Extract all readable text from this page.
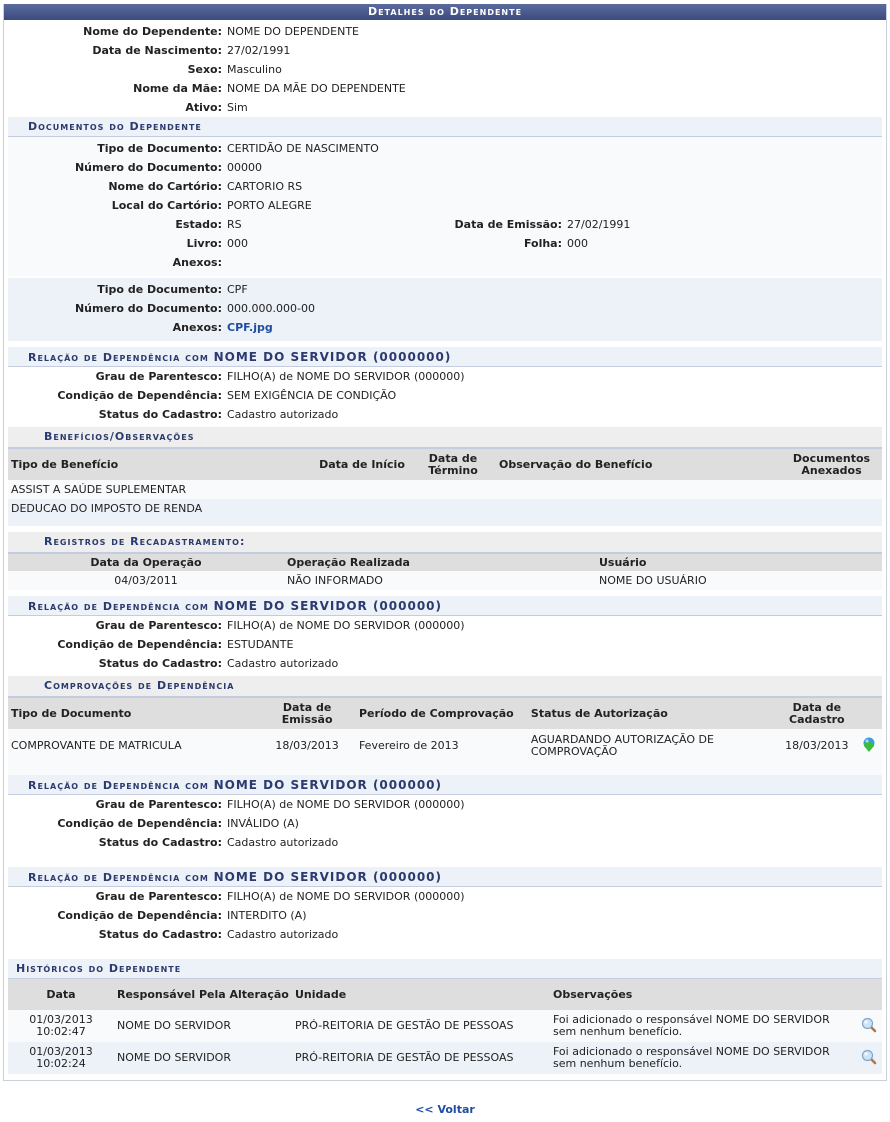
Detalhes do Dependente
Nome do Dependente: NOME DO DEPENDENTE
Data de Nascimento: 27/02/1991
Sexo: Masculino
Nome da Mãe: NOME DA MÃE DO DEPENDENTE
Ativo: Sim
Documentos do Dependente
Tipo de Documento: CERTIDÃO DE NASCIMENTO
Número do Documento: 00000
Nome do Cartório: CARTORIO RS
Local do Cartório: PORTO ALEGRE
Estado: RS	Data de Emissão: 27/02/1991
Livro: 000	Folha: 000
Anexos:
Tipo de Documento: CPF
Número do Documento: 000.000.000-00
Anexos: CPF.jpg
Relação de Dependência com NOME DO SERVIDOR (0000000)
Grau de Parentesco: FILHO(A) de NOME DO SERVIDOR (000000)
Condição de Dependência: SEM EXIGÊNCIA DE CONDIÇÃO
Status do Cadastro: Cadastro autorizado
Benefícios/Observações
Tipo de Benefício	Data de Início	Data de Término	Observação do Benefício	Documentos Anexados
ASSIST A SAÚDE SUPLEMENTAR				
DEDUCAO DO IMPOSTO DE RENDA				

Registros de Recadastramento:
Data da Operação	Operação Realizada	Usuário
04/03/2011	NÃO INFORMADO	NOME DO USUÁRIO
Relação de Dependência com NOME DO SERVIDOR (000000)
Grau de Parentesco: FILHO(A) de NOME DO SERVIDOR (000000)
Condição de Dependência: ESTUDANTE
Status do Cadastro: Cadastro autorizado
Comprovações de Dependência
Tipo de Documento	Data de Emissão	Período de Comprovação	Status de Autorização	Data de Cadastro	
COMPROVANTE DE MATRICULA	18/03/2013	Fevereiro de 2013	AGUARDANDO AUTORIZAÇÃO DE COMPROVAÇÃO	18/03/2013	

Relação de Dependência com NOME DO SERVIDOR (000000)
Grau de Parentesco: FILHO(A) de NOME DO SERVIDOR (000000)
Condição de Dependência: INVÁLIDO (A)
Status do Cadastro: Cadastro autorizado
Relação de Dependência com NOME DO SERVIDOR (000000)
Grau de Parentesco: FILHO(A) de NOME DO SERVIDOR (000000)
Condição de Dependência: INTERDITO (A)
Status do Cadastro: Cadastro autorizado
Históricos do Dependente
Data	Responsável Pela Alteração	Unidade	Observações	
01/03/2013 10:02:47	NOME DO SERVIDOR	PRÓ-REITORIA DE GESTÃO DE PESSOAS	Foi adicionado o responsável NOME DO SERVIDOR sem nenhum benefício.	
01/03/2013 10:02:24	NOME DO SERVIDOR	PRÓ-REITORIA DE GESTÃO DE PESSOAS	Foi adicionado o responsável NOME DO SERVIDOR sem nenhum benefício.	
<< Voltar
